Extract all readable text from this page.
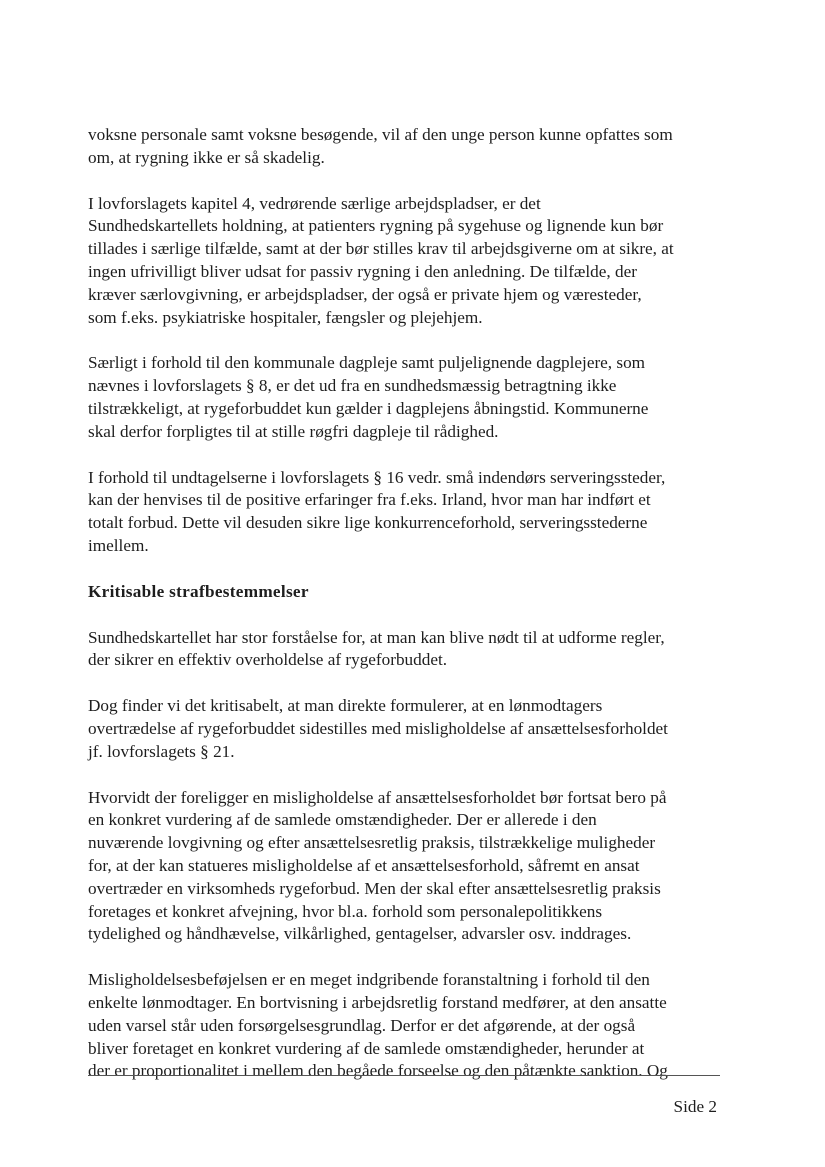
voksne personale samt voksne besøgende, vil af den unge person kunne opfattes som
om, at rygning ikke er så skadelig.

I lovforslagets kapitel 4, vedrørende særlige arbejdspladser, er det
Sundhedskartellets holdning, at patienters rygning på sygehuse og lignende kun bør
tillades i særlige tilfælde, samt at der bør stilles krav til arbejdsgiverne om at sikre, at
ingen ufrivilligt bliver udsat for passiv rygning i den anledning. De tilfælde, der
kræver særlovgivning, er arbejdspladser, der også er private hjem og væresteder,
som f.eks. psykiatriske hospitaler, fængsler og plejehjem.

Særligt i forhold til den kommunale dagpleje samt puljelignende dagplejere, som
nævnes i lovforslagets § 8, er det ud fra en sundhedsmæssig betragtning ikke
tilstrækkeligt, at rygeforbuddet kun gælder i dagplejens åbningstid. Kommunerne
skal derfor forpligtes til at stille røgfri dagpleje til rådighed.

I forhold til undtagelserne i lovforslagets § 16 vedr. små indendørs serveringssteder,
kan der henvises til de positive erfaringer fra f.eks. Irland, hvor man har indført et
totalt forbud. Dette vil desuden sikre lige konkurrenceforhold, serveringsstederne
imellem.

Kritisable strafbestemmelser

Sundhedskartellet har stor forståelse for, at man kan blive nødt til at udforme regler,
der sikrer en effektiv overholdelse af rygeforbuddet.

Dog finder vi det kritisabelt, at man direkte formulerer, at en lønmodtagers
overtrædelse af rygeforbuddet sidestilles med misligholdelse af ansættelsesforholdet
jf. lovforslagets § 21.

Hvorvidt der foreligger en misligholdelse af ansættelsesforholdet bør fortsat bero på
en konkret vurdering af de samlede omstændigheder. Der er allerede i den
nuværende lovgivning og efter ansættelsesretlig praksis, tilstrækkelige muligheder
for, at der kan statueres misligholdelse af et ansættelsesforhold, såfremt en ansat
overtræder en virksomheds rygeforbud. Men der skal efter ansættelsesretlig praksis
foretages et konkret afvejning, hvor bl.a. forhold som personalepolitikkens
tydelighed og håndhævelse, vilkårlighed, gentagelser, advarsler osv. inddrages.

Misligholdelsesbeføjelsen er en meget indgribende foranstaltning i forhold til den
enkelte lønmodtager. En bortvisning i arbejdsretlig forstand medfører, at den ansatte
uden varsel står uden forsørgelsesgrundlag. Derfor er det afgørende, at der også
bliver foretaget en konkret vurdering af de samlede omstændigheder, herunder at
der er proportionalitet i mellem den begåede forseelse og den påtænkte sanktion. Og

Side 2
